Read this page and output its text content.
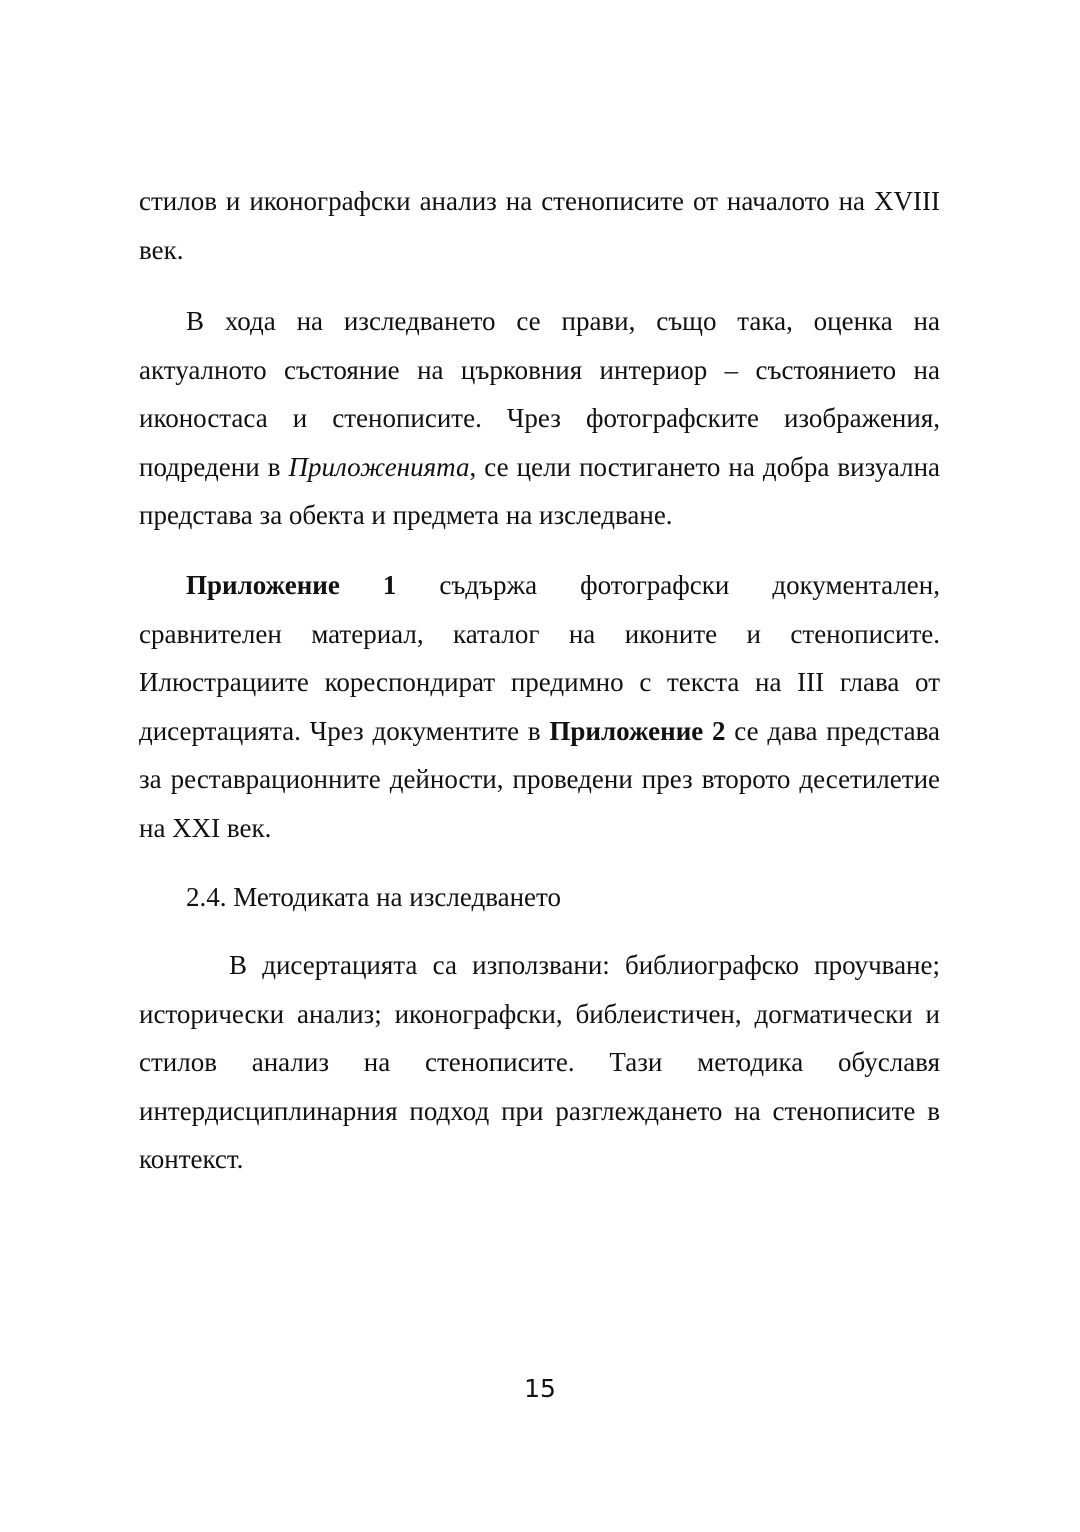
стилов и иконографски анализ на стенописите от началото на XVIII век.

В хода на изследването се прави, също така, оценка на актуалното състояние на църковния интериор – състоянието на иконостаса и стенописите. Чрез фотографските изображения, подредени в Приложенията, се цели постигането на добра визуална представа за обекта и предмета на изследване.

Приложение 1 съдържа фотографски документален, сравнителен материал, каталог на иконите и стенописите. Илюстрациите кореспондират предимно с текста на III глава от дисертацията. Чрез документите в Приложение 2 се дава представа за реставрационните дейности, проведени през второто десетилетие на XXI век.

2.4. Методиката на изследването

В дисертацията са използвани: библиографско проучване; исторически анализ; иконографски, библеистичен, догматически и стилов анализ на стенописите. Тази методика обуславя интердисциплинарния подход при разглеждането на стенописите в контекст.

15
